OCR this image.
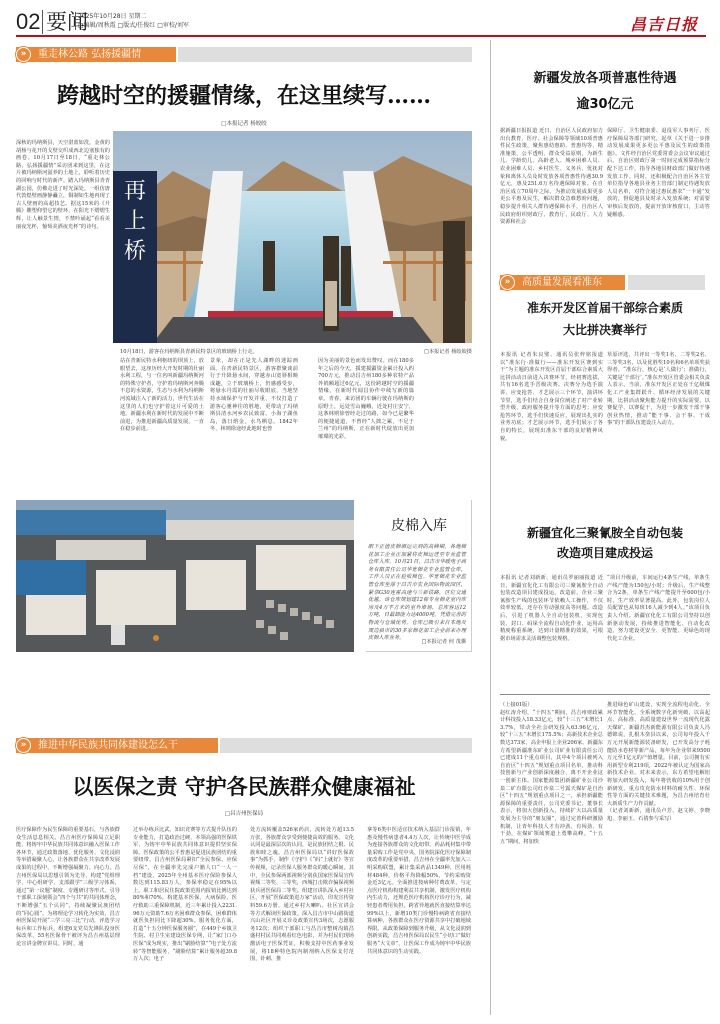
02 要闻
2025年10月28日 星期二
□编辑/周秋霞 □版式/任俊红 □审校/刘军	昌吉日报
重走林公路 弘扬援疆情
»
跨越时空的援疆情缘，在这里续写……
□本报记者 杨皎皎
深秋的玛纳斯县，天空湛蓝如洗，金黄的胡杨与花开的戈壁交织成西北边塞独有的画卷。10月17日至18日，“重走林公路，弘扬援疆情”采访团来到这里，在这片被玛纳斯河滋养的土地上，聆听着历史的回响与时代的新声。踏入玛纳斯县青青湖公园，仿佛走进了时光深处。一组仿唐代敦煌壁画静静矗立，铜制如生地再现了古人壁画的高超技艺。据这15米的《升腾》雕塑仰望它的壁环，在阳光下熠熠生辉，让人触景生情，不禁吟诵起“看看美丽夜光杯，葡萄美酒夜光杯”的诗句。
再上桥
10月18日，游客在玛纳斯县青新民特景区的玻璃桥上行走。	□本报记者 杨皎皎摄
站在青新民特水利枢纽的坝顶上，放眼望去，这座历经大开发时期的壮丽水利工程，与一位名叫新疆玛纳斯河的特殊守护者，守护着玛纳斯河奔腾不息的水资源，生态与水利为玛纳斯河流域注入了新的活力，世代生活在这里的人们也守护着这片可爱的土地。新疆水利在新时代的发展中不断前进，为推进新疆高质量发展，一直在稳步前进。
景象，却在正是先人湖畔的迷踪画面。在青新民特景区，游客群聚谈前行于升降悬水间，穿越赤山宽驿相映成趣，立于玻璃桥上，仍感感受步，将悬水丹霞的壮丽尽收眼底，当地坚持水域保护与开发并重，不仅打造了游客心驰神往的胜地，更带动了玛纳斯县清水河乡农民致富。小海子湖鱼岛，落日熔金，水鸟栖息。1842年冬，林则徐途经此地时也曾
因为美丽的景色而发出赞叹。而在180多年之后的今天，援建援疆资金累计投入约700万元，推动昌吉州180多种农特产品外销额超过6亿元，这份跨越时空的援疆情缘，在新时代闻昌协作中续写新的篇章。青春，来访团的车辆行驶在玛纳斯的原野上，远处雪山巍峨，近处村庄安宁，这条林则徐曾经走过的路，如今已是繁华的便捷通道，不曾经“人拙之累，不足于兰州”的玛纳斯，正在新时代绽放出更加璀璨的光彩。
皮棉入库
眼下正值皮棉调运完剂的高峰期，各地棉花加工企业正加紧将皮棉运送至专业监管仓库入库。10月21日，昌吉市华暖电子商务有限责任公司华宽棉花专业监管仓库，工作人员正在验收棉包。华宽棉花专业监管仓库坐落于昌吉市农业国际物流园区，紧邻G30连霍高速与兰新铁路，区位交通优越。该仓库规划建12栋专业棉花室内库房及4万平方米的室外堆场，总库容达12万吨，日最卸能力达4000吨。凭借完善的物流与仓储优势，仓库已吸引来自本地及周边县市的30多家棉花加工企业前来办理皮棉入库业务。
□本报记者 何 茂骥
新疆发放各项普惠性待遇
逾30亿元
据新疆日报报道 近日，自治区人民政府加力出台教育、医疗、社会保障等领域10项普惠性民生政策，聚焦惠幼惠助、普惠均等、精准施策，公平透明、群众受益原则，为新生儿、学龄幼儿、高龄老人、城乡困难人员、农业困难人员、乡村医生、义务兵、优抚对象和离休人员及时发放各项普惠性待遇30.9亿元，惠及251.6万名待遇保障对象。在自治区成立70周年之际，为推动发展成果更多更公平惠及民生，解决群众急难愁盼问题，稳步提升相关人群待遇保障水平，自治区人民政府组织财政厅、教育厅、民政厅、人力资源和社会
保障厅、卫生健康委、退役军人事务厅、医疗保障局等部门研究，起草《关于进一步推动发展成果更多更公平惠及民生的政策措施》。文件经自治区党委常委会会议审议通过后，自治区财政厅第一时间完成预算指标分配下达工作，指导各地县财政部门做好待遇发放工作。同时，还积极配合自治区各主管单位指导各地县业务主管部门制定待遇发放人员名单，对符合通过惠民惠农“一卡通”发放的，督促地县及时录入发放系统；对需要审核后发放的，提前开放审核窗口，主动答疑解惑。
高质量发展看准东
»
准东开发区首届干部综合素质
大比拼决赛举行
本报讯 记者朱良璧、通讯员张梓铭报道 以“准东行·准做行——准东开发区赛到实干”为主题的准东开发区首届干部综合素质大比拼活动日前进入决赛环节，经初赛选拔，共有16名选手晋级决赛。决赛分为选手演讲、应变抢答、才艺展示三个环节，演讲环节里，选手们结合自身岗位阐述了对产业转型升级、政府服务提升等方面的思考；应变抢答环节，选手们快速反应，展现出扎实的业务功底；才艺展示环节，选手们展示了各自的特长，展现出准东干部的良好精神风貌。
草原评选，共评出一等奖1名、二等奖2名、三等奖3名，以及优胜奖10名和6名单项奖获得者。“准东行，核心是‘人做行’；准做行，关键是‘干部行’。”准东开发区管委会相关负责人表示，当前，准东开发区正处在千亿级煤化工产业集群跃升、循环经济发展的关键期，比拼活动聚焦能力提升的实际需要，以赛促学、以赛促干，为进一步激发干部干事创业热情，推动“能干事、会干事、干成事”的干部队伍建设注入动力。
新疆宜化三聚氰胺全自动包装
改造项目建成投运
本报讯 记者刘新新、通讯员罗丽丽报道 近日，新疆宜化化工有限公司三聚氰胺全自动包装改造项目建成投运。改造前，企业三聚氰胺生产线的包装环节依赖人工操作，不仅效率较低，还存在劳动强度高等问题。改造后，引进了机器人全自动包装机，实现包装、封口、码垛全流程自动化作业，运用高精度称重系统，达到计量精准的效果，可根据市场需求灵活调整包装规格。
“项目升级前，车间运行4条生产线，单条生产线产能为150包/小时；升级后，生产线整合为2条，单条生产线产能提升至600包/小时，生产效率显著提高。此外，包装岗位人员配置也从每班16人减少到4人。”该项目负责人介绍。新疆宜化化工有限公司坚持以创新驱动发展，持续推进智能化、自动化改造，努力建设更安全、更智能、更绿色的现代化工企业。
（上接01版）
赵红涛介绍，“十四五”期间，昌吉州财政累计科技投入18.33亿元，较“十三五”末增长13.7%，带动全社会研发投入63.96亿元，较“十三五”末增长175.5%；高新技术企业总数达373家，高企申报上企业206家。新疆东方希望新疆准东矿业公司矿业有限责任公司已建成11个重点项目，其中4个项目被列入自治区“十四五”规划重点项目名单。推动科技创新与产业创新深度融合，离不开企业这一创新主体。国家能源集团新疆矿业公司沙泉二矿有限公司红沙泉二号露天煤矿是自治区“十四五”规划重点项目之一，承担新疆能源保障的重要责任，公司党委书记、董事长表示，将加大创新投入，持续扩大以高质量发展为主导的“朋友圈”，通过完善科研激励机制，让青年科技人才有冲劲、有闯劲、有干劲，在煤矿领域赛道上勇攀高峰。“十五五”期间，将加快
推进绿色矿山建设，实现全流程电动化、全环节智能化、全系统数字化新突破，以高起点、高标准、高质量建设世界一流现代化露天煤矿。新疆苏杰新能源有限公司负责人冯德锦说，扎根木垒县以来，公司每年投入千万元开展新能源装备研发，已开发高分子耗能防水卷材等新产品，每年为企业带来9500万元至1亿元的产值增量。目前，公司拥有实用新型专利219项，2022年被认定为国家高新技术企业。对未来表示，东方希望电解铝将加大研发投入，每年将营收的10%用于创新研发，重点攻克防水材料的耐久性、环保性等方面的关键技术难题，为昌吉州培育壮大新质生产力作贡献。
（记者刘新新，通讯员卢芳、赵文婷、李晓旭、李丽玉、石倩参与采写）
推进中华民族共同体建设怎么干
»
以医保之责 守护各民族群众健康福祉
□昌吉州医保局
医疗保障作为民生保障的重要基石，与各族群众生活息息相关。昌吉州医疗保障局立足职能，将铸牢中华民族共同体意识融入医保工作各环节，通过政策落地、优化服务、文化浸润等举措凝聚人心，让各族群众在共享改革发展成果的过程中，不断增强凝聚力、向心力。昌吉州医保局以思想引领为先导，构建“党组理学、中心组研学、支部跟学”三级学习体系，通过“第一议题”制度、专题研讨等形式，引导干部职工深刻领会“四个与共”的共同体理念，不断增强“五个认同”，持续凝聚民族团结的“同心圆”。为将理论学习转化为实效，昌吉州医保局开展“三学三亮三比”行动，评选学习标兵和工作标兵，组建6支党员先锋队投身医保改革，55名医保骨干被评为昌吉州基层理论宣讲金牌宣讲员。同时，通
过举办练兵比武、知识竞赛等方式提升队伍的专业能力，打造政治过硬、本领高强的医保铁军，为铸牢中华民族共同体意识提供坚实保障。医保政策的公平普惠是促进民族团结的重要纽带。昌吉州医保局紧扣“全民参保、应保尽保”，在全疆率先完成户籍人口“一人一档”建设，2025年全州基本医疗保险参保人数达到115.83万人，参保率稳定在95%以上。职工和居民住院政策范围内报销比例达到80%和70%。构建基本医保、大病保险、医疗救助三重保障机制，近三年累计投入2231.96万元资助7.6万名困难群众参保，困难群体就医负担同比下降超30%。服务优化方面，打造“十五分钟医保服务圈”，在449个乡镇卫生院、村卫生室建设医保专网，让“家门口办医保”成为现实，推出“刷脸结算”“电子处方流转”等智能服务，“刷脸结算”累计服务超39.8万人次；电子
处方流转覆盖526家药店，流转处方超13.5万张，各族群众享受到便捷高效的服务。文化认同是最深层次的认同，是民族团结之根、民族和睦之魂。昌吉州医保局以“讲好医保故事”为抓手，制作《守护》《“码”上就好》等宣传视频，记录医保人服务群众的暖心瞬间。其中，全民参保两部视频分别获国家医保局宣传视频二等奖、三等奖，西城打击欺诈骗保视频获兵团医保局二等奖。组建宣讲队深入乡村社区，开展“医保政策进万家”活动，印发宣传资料59.6万册，通过乡村大喇叭、社区宣讲会等方式解读医保政策。深入昌吉市中山路街道兴山社区开展义诊及政策宣传3场次，志愿服务12次；组织干部职工与昌吉市整树沟镇昌盛村村民共同观看红色电影，并为村民们现场激活电子医保凭证，积极支持中医药事业发展，将18种特色院内制剂纳入医保支付范围，针刺、推
拿等6类中医适宜技术纳入基层门诊报销，年惠及慢性病患者4.4万人次，让传统中医学成为连接各族群众的文化纽带。药品耗材集中带量采购工作是党中央、国务院深化医疗保障制度改革的重要举措，昌吉州在全疆率先加入三明采购联盟，累计集采药品1349种、医用耗材484种，价格平均降幅50%，节约采购资金近3亿元。全面推进按病种付费改革，与定点医疗机构构建利益共享机制，激发医疗机构内生动力，还规范医疗机构医疗诊疗行为，减轻患者费用负担，跨省异地就医直接结算率达99%以上，新增10类门诊慢特病跨省直接结算病种，各族群众在医疗资源共享中打破地域界限。从政策保障到服务升级，从文化浸润到创新实践，昌吉州医保局以民生“小切口”做好服务“大文章”，让医保工作成为铸牢中华民族共同体意识的生动实践。
